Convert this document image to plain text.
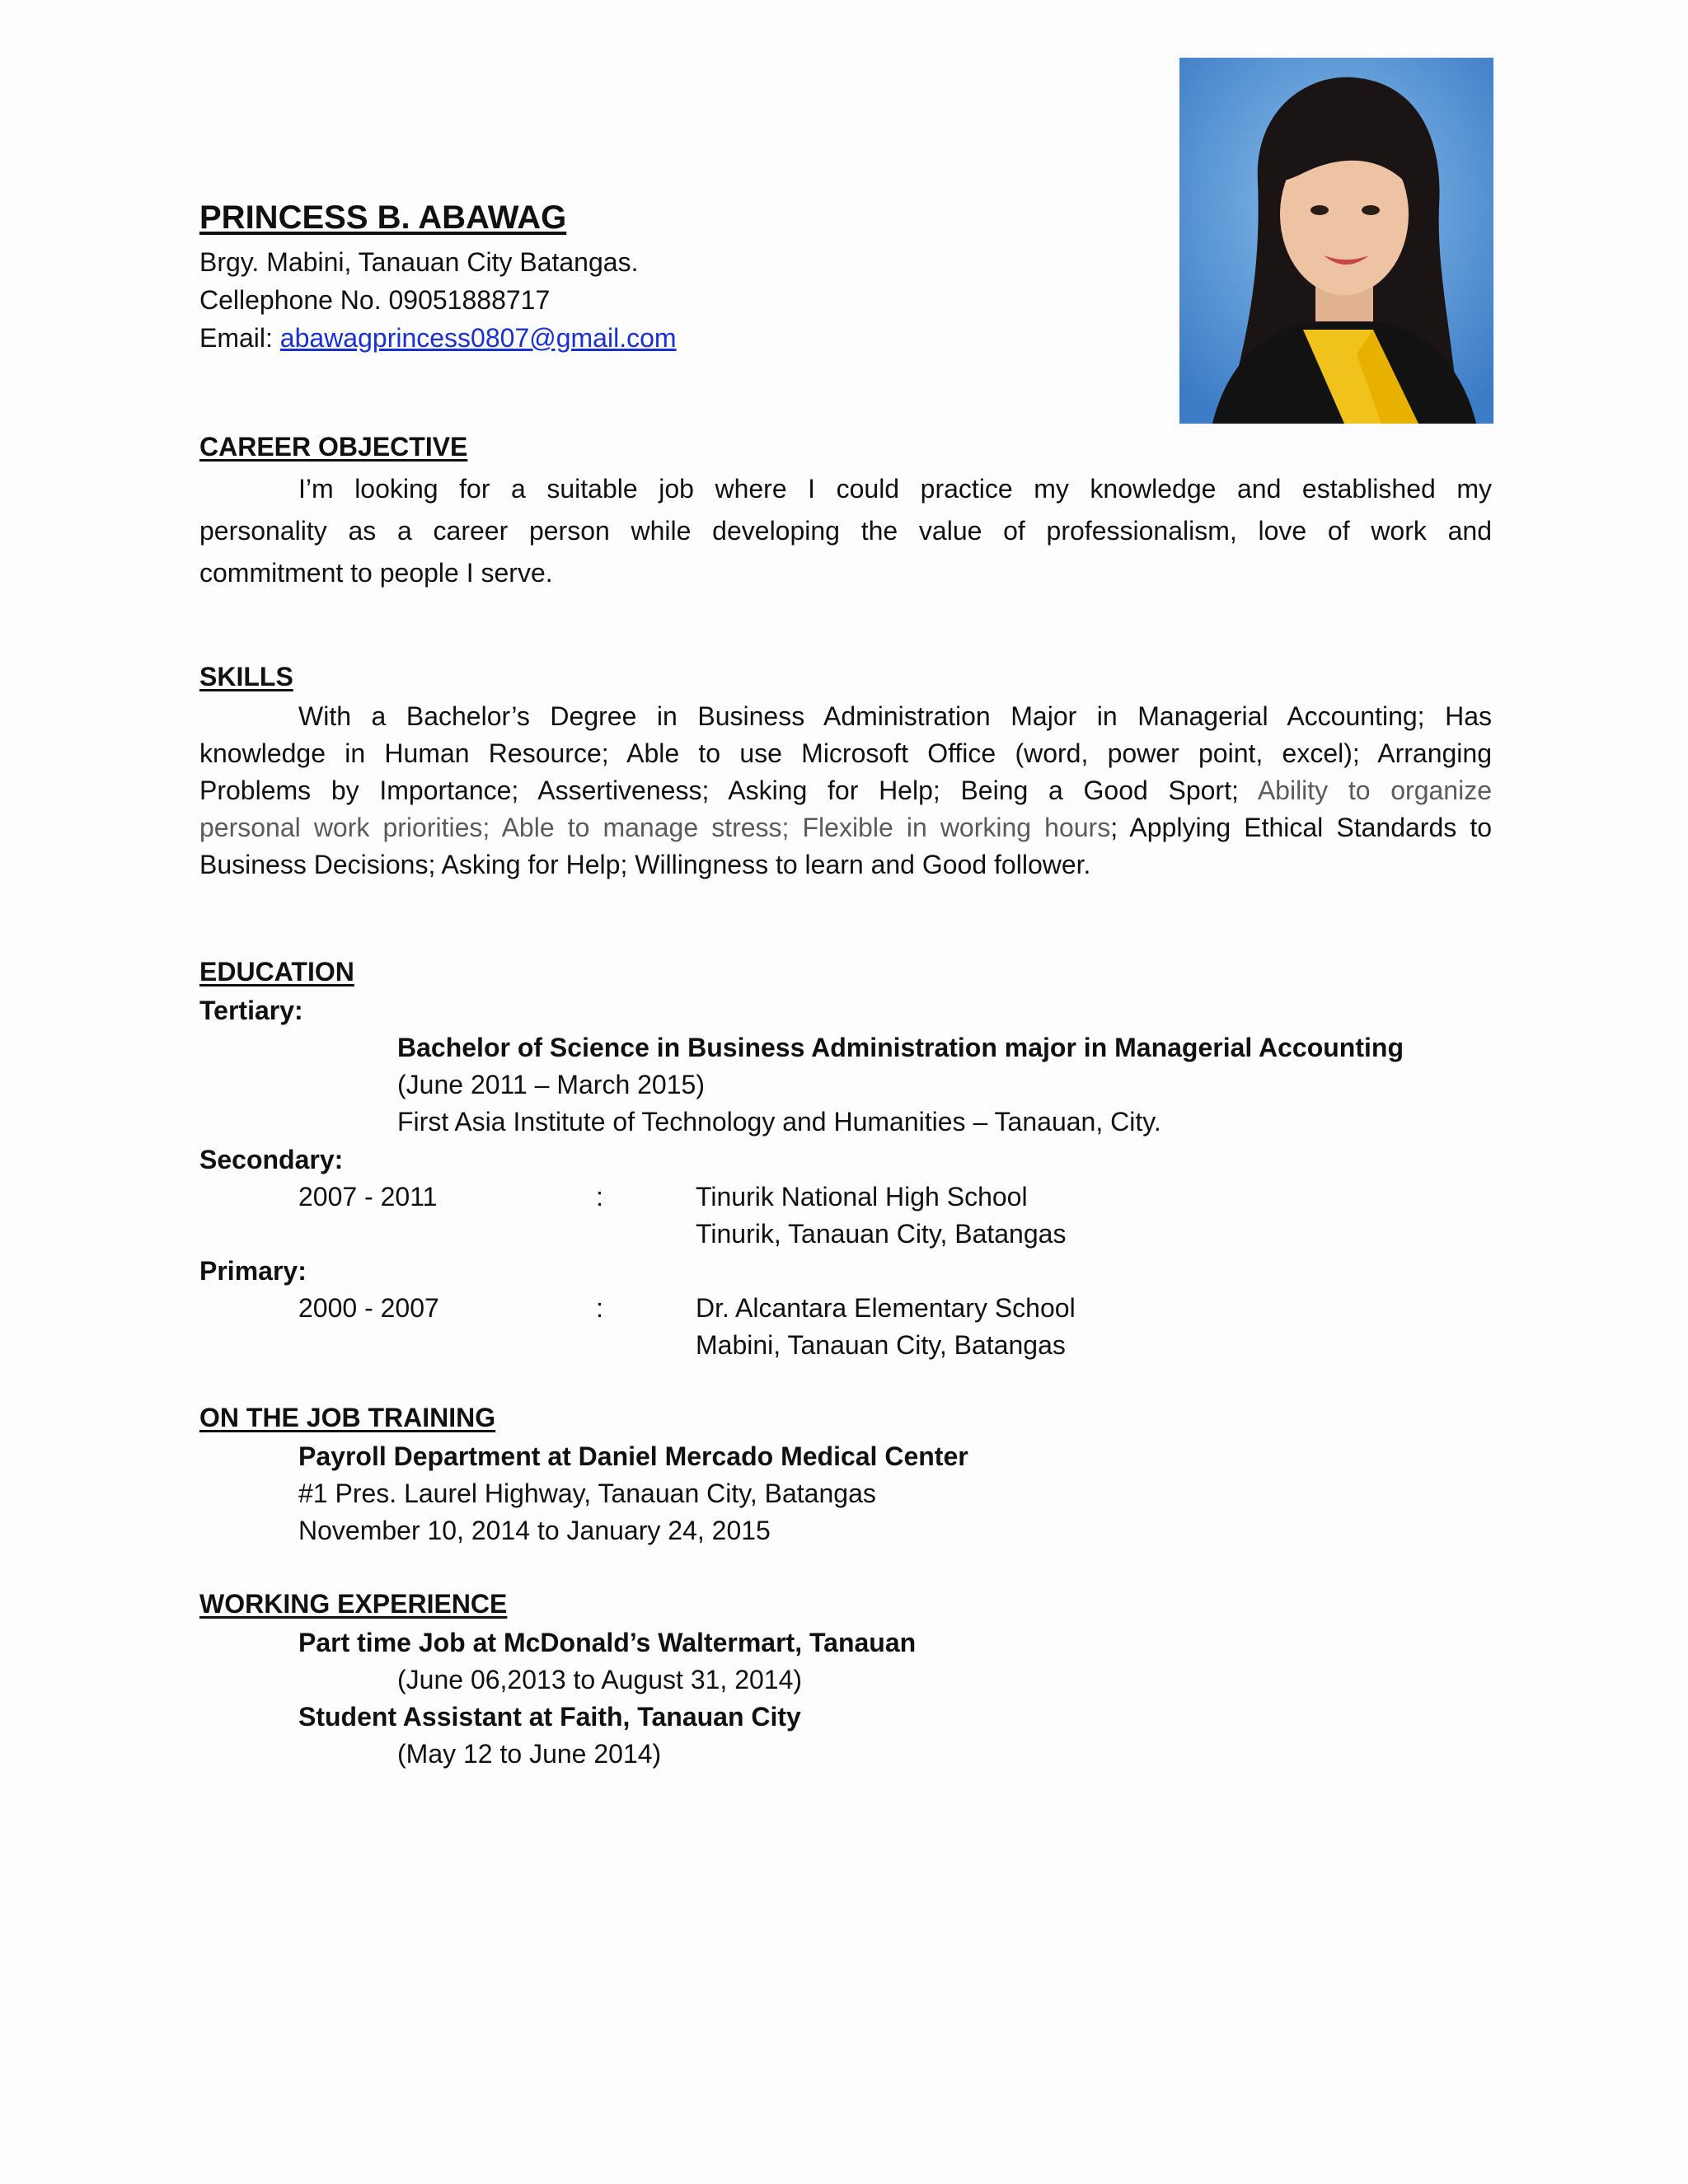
PRINCESS B. ABAWAG
Brgy. Mabini, Tanauan City Batangas.
Cellephone No. 09051888717
Email: abawagprincess0807@gmail.com
CAREER OBJECTIVE
I’m looking for a suitable job where I could practice my knowledge and established my
personality as a career person while developing the value of professionalism, love of work and
commitment to people I serve.
SKILLS
With a Bachelor’s Degree in Business Administration Major in Managerial Accounting; Has
knowledge in Human Resource; Able to use Microsoft Office (word, power point, excel); Arranging
Problems by Importance; Assertiveness; Asking for Help; Being a Good Sport; Ability to organize
personal work priorities; Able to manage stress; Flexible in working hours; Applying Ethical Standards to
Business Decisions; Asking for Help; Willingness to learn and Good follower.
EDUCATION
Tertiary:
Bachelor of Science in Business Administration major in Managerial Accounting
(June 2011 – March 2015)
First Asia Institute of Technology and Humanities – Tanauan, City.
Secondary:
2007 - 2011	:	Tinurik National High School
Tinurik, Tanauan City, Batangas
Primary:
2000 - 2007	:	Dr. Alcantara Elementary School
Mabini, Tanauan City, Batangas
ON THE JOB TRAINING
Payroll Department at Daniel Mercado Medical Center
#1 Pres. Laurel Highway, Tanauan City, Batangas
November 10, 2014 to January 24, 2015
WORKING EXPERIENCE
Part time Job at McDonald’s Waltermart, Tanauan
(June 06,2013 to August 31, 2014)
Student Assistant at Faith, Tanauan City
(May 12 to June 2014)
